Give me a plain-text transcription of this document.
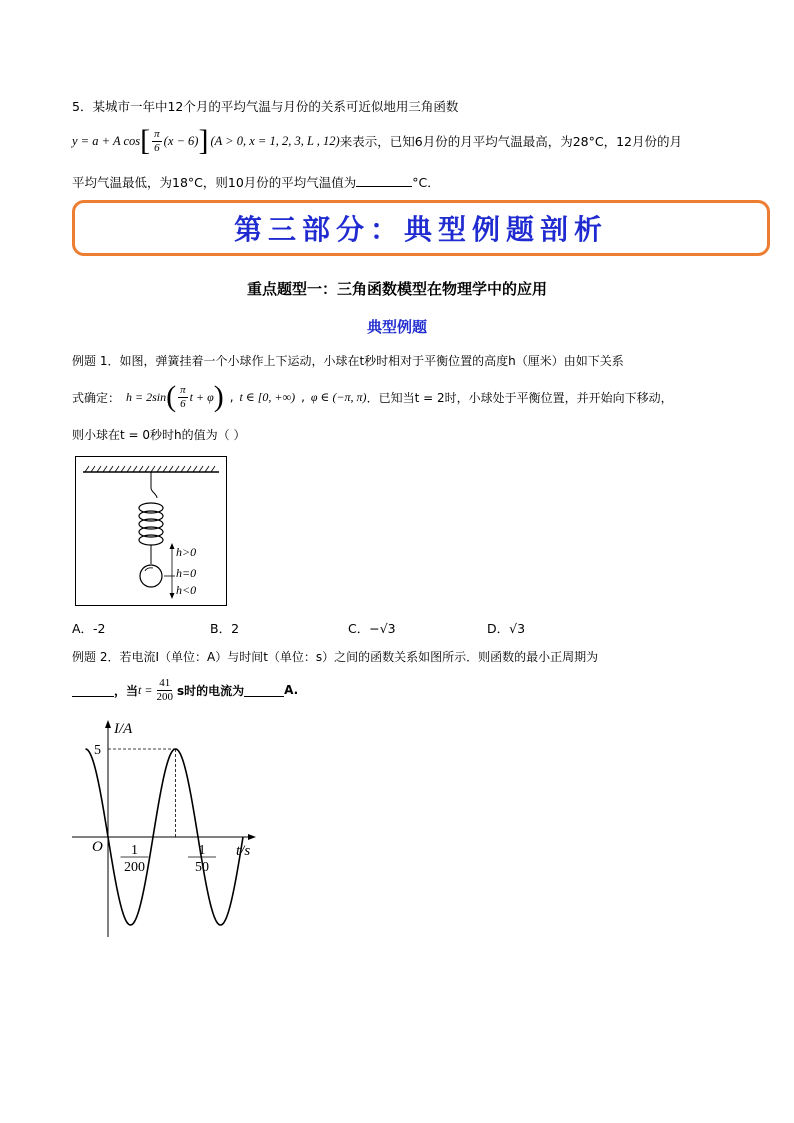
5．某城市一年中12个月的平均气温与月份的关系可近似地用三角函数
y = a + A cos [ $\frac{\pi}{6} (x - 6)$ ] (A > 0, x = 1, 2, 3, L , 12) 来表示，已知6月份的月平均气温最高，为28°C，12月份的月
平均气温最低，为18°C，则10月份的平均气温值为	°C．
第三部分：典型例题剖析
重点题型一：三角函数模型在物理学中的应用
典型例题
例题 1．如图，弹簧挂着一个小球作上下运动，小球在t秒时相对于平衡位置的高度h（厘米）由如下关系
式确定： h = 2sin ( $\frac{\pi}{6}$ t + φ ) , t ∈ [0, +∞) , φ ∈ (−π, π) ．已知当t = 2时，小球处于平衡位置，并开始向下移动，
则小球在t = 0秒时h的值为（ ）
h>0
h=0
h<0
A．-2	B．2	C．−√3	D．√3
例题 2．若电流I（单位：A）与时间t（单位：s）之间的函数关系如图所示．则函数的最小正周期为
，当 $t = \frac{41}{200}$ s时的电流为	A.
I/A
t/s
O
5
1
200
1
50
